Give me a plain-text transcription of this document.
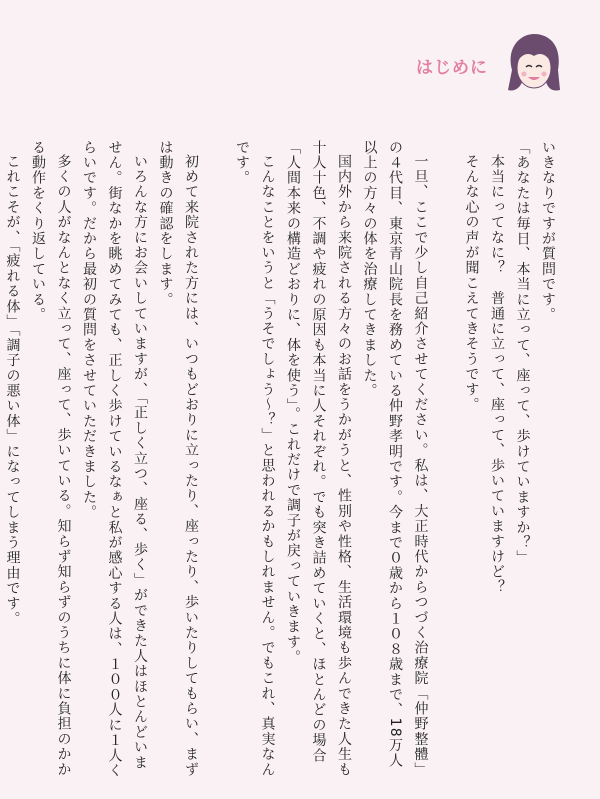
はじめに

いきなりですが質問です。

「あなたは毎日、本当に立って、座って、歩けていますか？」

本当にってなに？　普通に立って、座って、歩いていますけど？

そんな心の声が聞こえてきそうです。

一旦、ここで少し自己紹介させてください。私は、大正時代からつづく治療院「仲野整體」の４代目、東京青山院長を務めている仲野孝明です。今まで０歳から１０８歳まで、18万人以上の方々の体を治療してきました。

国内外から来院される方々のお話をうかがうと、性別や性格、生活環境も歩んできた人生も十人十色、不調や疲れの原因も本当に人それぞれ。でも突き詰めていくと、ほとんどの場合「人間本来の構造どおりに、体を使う」。これだけで調子が戻っていきます。

こんなことをいうと「うそでしょう～？」と思われるかもしれません。でもこれ、真実なんです。

初めて来院された方には、いつもどおりに立ったり、座ったり、歩いたりしてもらい、まずは動きの確認をします。

いろんな方にお会いしていますが、「正しく立つ、座る、歩く」ができた人はほとんどいません。街なかを眺めてみても、正しく歩けているなぁと私が感心する人は、１００人に１人くらいです。だから最初の質問をさせていただきました。

多くの人がなんとなく立って、座って、歩いている。知らず知らずのうちに体に負担のかかる動作をくり返している。

これこそが、「疲れる体」「調子の悪い体」になってしまう理由です。
